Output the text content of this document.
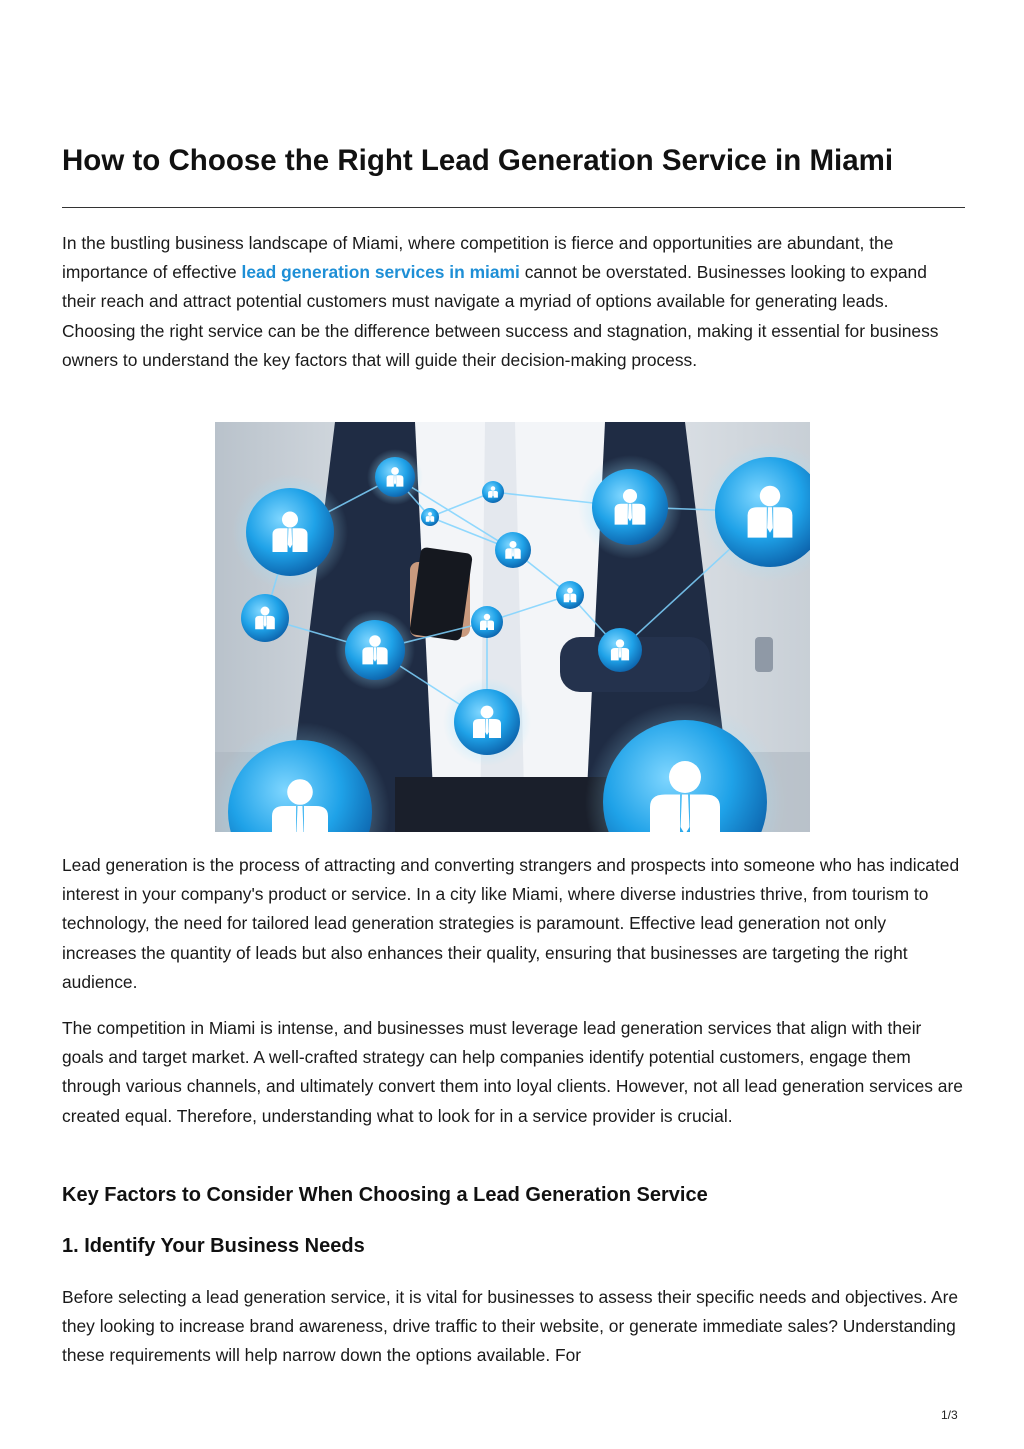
How to Choose the Right Lead Generation Service in Miami

In the bustling business landscape of Miami, where competition is fierce and opportunities are abundant, the importance of effective lead generation services in miami cannot be overstated. Businesses looking to expand their reach and attract potential customers must navigate a myriad of options available for generating leads. Choosing the right service can be the difference between success and stagnation, making it essential for business owners to understand the key factors that will guide their decision-making process.

Lead generation is the process of attracting and converting strangers and prospects into someone who has indicated interest in your company's product or service. In a city like Miami, where diverse industries thrive, from tourism to technology, the need for tailored lead generation strategies is paramount. Effective lead generation not only increases the quantity of leads but also enhances their quality, ensuring that businesses are targeting the right audience.

The competition in Miami is intense, and businesses must leverage lead generation services that align with their goals and target market. A well-crafted strategy can help companies identify potential customers, engage them through various channels, and ultimately convert them into loyal clients. However, not all lead generation services are created equal. Therefore, understanding what to look for in a service provider is crucial.

Key Factors to Consider When Choosing a Lead Generation Service
1. Identify Your Business Needs

Before selecting a lead generation service, it is vital for businesses to assess their specific needs and objectives. Are they looking to increase brand awareness, drive traffic to their website, or generate immediate sales? Understanding these requirements will help narrow down the options available. For

1/3
